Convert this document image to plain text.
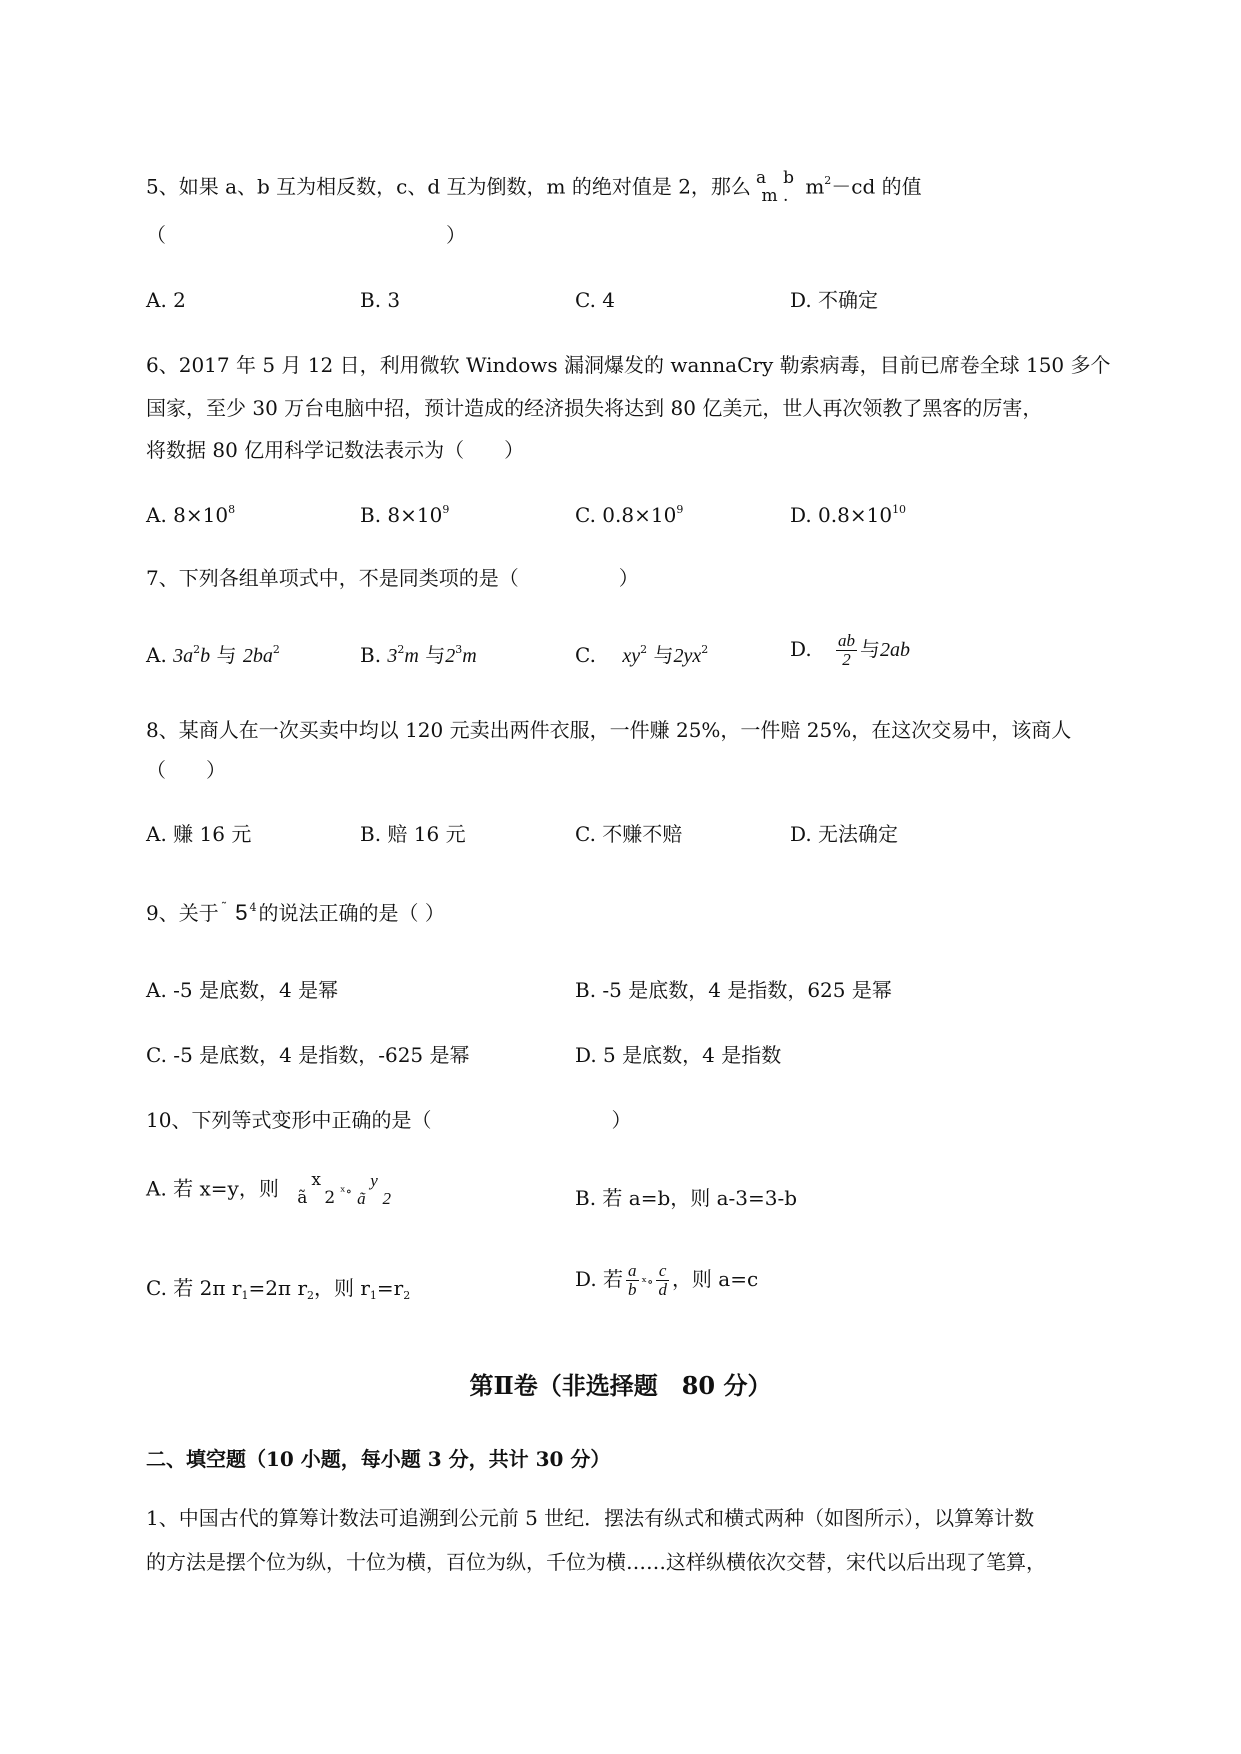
5、如果 a、b 互为相反数，c、d 互为倒数，m 的绝对值是 2，那么 a　b
m . $m^2-cd$ 的值
（　　　　　　　　　　　　　　）
A. 2	B. 3	C. 4	D. 不确定
6、2017 年 5 月 12 日，利用微软 Windows 漏洞爆发的 wannaCry 勒索病毒，目前已席卷全球 150 多个
国家，至少 30 万台电脑中招，预计造成的经济损失将达到 80 亿美元，世人再次领教了黑客的厉害，
将数据 80 亿用科学记数法表示为（　　）
A. $8\times 10^8$	B. $8\times 10^9$	C. $0.8\times 10^9$	D. $0.8\times 10^{10}$
7、下列各组单项式中，不是同类项的是（　　　　　）
A. $3a^2b$ 与 $2ba^2$	B. $3^2m$ 与$2^3m$	C. $xy^2$ 与$2yx^2$	D. $\frac{ab}{2}$ 与2ab
8、某商人在一次买卖中均以 120 元卖出两件衣服，一件赚 25%，一件赔 25%，在这次交易中，该商人
（　　）
A. 赚 16 元	B. 赔 16 元	C. 不赚不赔	D. 无法确定
9、关于 ˜ 5 $^4$ 的说法正确的是（ ）
A. -5 是底数，4 是幂	B. -5 是底数，4 是指数，625 是幂
C. -5 是底数，4 是指数，-625 是幂	D. 5 是底数，4 是指数
10、下列等式变形中正确的是（　　　　　　　　　）
A. 若 x=y，则	x
ã　2 ˣ∘
y
ã　2	B. 若 a=b，则 a-3=3-b
C. 若 2π $r_1=2\pi$ $r_2$，则 $r_1=r_2$
D. 若 $\frac{a}{b}$ ˣ∘ $\frac{c}{d}$ ，则 a=c
第Ⅱ卷（非选择题　80 分）
二、填空题（10 小题，每小题 3 分，共计 30 分）
1、中国古代的算筹计数法可追溯到公元前 5 世纪．摆法有纵式和横式两种（如图所示），以算筹计数
的方法是摆个位为纵，十位为横，百位为纵，千位为横……这样纵横依次交替，宋代以后出现了笔算，
